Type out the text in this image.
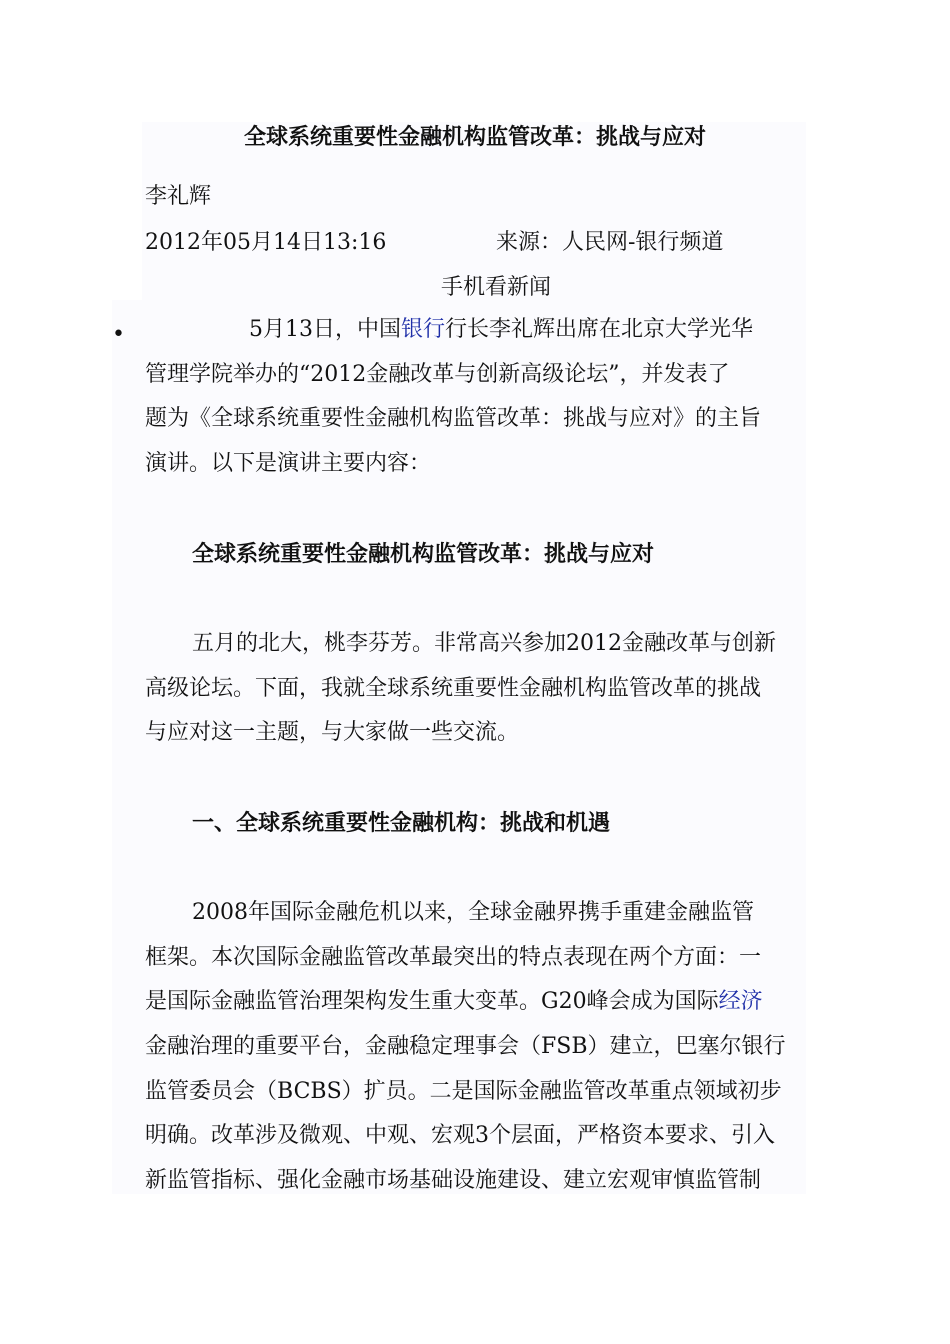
全球系统重要性金融机构监管改革：挑战与应对
李礼辉
2012年05月14日13:16	来源：人民网-银行频道
手机看新闻
•	5月13日，中国银行行长李礼辉出席在北京大学光华
管理学院举办的“2012金融改革与创新高级论坛”，并发表了
题为《全球系统重要性金融机构监管改革：挑战与应对》的主旨
演讲。以下是演讲主要内容：
全球系统重要性金融机构监管改革：挑战与应对
五月的北大，桃李芬芳。非常高兴参加2012金融改革与创新
高级论坛。下面，我就全球系统重要性金融机构监管改革的挑战
与应对这一主题，与大家做一些交流。
一、全球系统重要性金融机构：挑战和机遇
2008年国际金融危机以来，全球金融界携手重建金融监管
框架。本次国际金融监管改革最突出的特点表现在两个方面：一
是国际金融监管治理架构发生重大变革。G20峰会成为国际经济
金融治理的重要平台，金融稳定理事会（FSB）建立，巴塞尔银行
监管委员会（BCBS）扩员。二是国际金融监管改革重点领域初步
明确。改革涉及微观、中观、宏观3个层面，严格资本要求、引入
新监管指标、强化金融市场基础设施建设、建立宏观审慎监管制
